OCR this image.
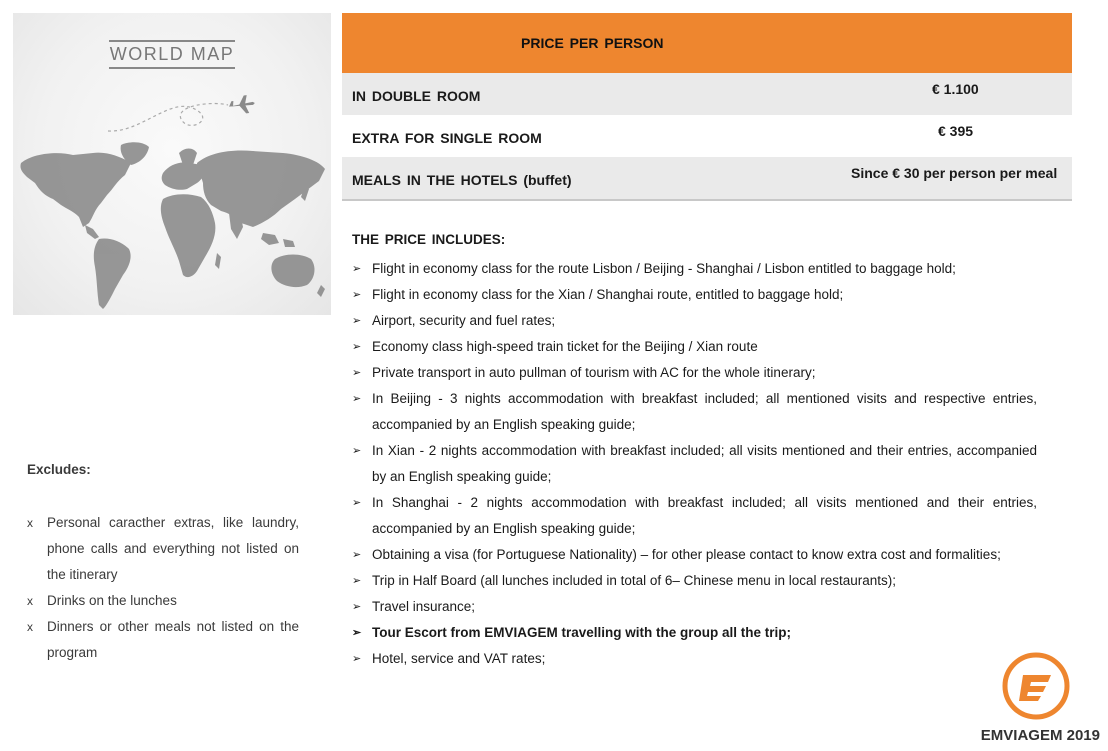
WORLD MAP
PRICE PER PERSON
IN DOUBLE ROOM	€ 1.100
EXTRA FOR SINGLE ROOM	€ 395
MEALS IN THE HOTELS (buffet)	Since € 30 per person per meal
THE PRICE INCLUDES:
➢ Flight in economy class for the route Lisbon / Beijing - Shanghai / Lisbon entitled to baggage hold;
➢ Flight in economy class for the Xian / Shanghai route, entitled to baggage hold;
➢ Airport, security and fuel rates;
➢ Economy class high-speed train ticket for the Beijing / Xian route
➢ Private transport in auto pullman of tourism with AC for the whole itinerary;
➢ In Beijing - 3 nights accommodation with breakfast included; all mentioned visits and respective entries, accompanied by an English speaking guide;
➢ In Xian - 2 nights accommodation with breakfast included; all visits mentioned and their entries, accompanied by an English speaking guide;
➢ In Shanghai - 2 nights accommodation with breakfast included; all visits mentioned and their entries, accompanied by an English speaking guide;
➢ Obtaining a visa (for Portuguese Nationality) – for other please contact to know extra cost and formalities;
➢ Trip in Half Board (all lunches included in total of 6– Chinese menu in local restaurants);
➢ Travel insurance;
➢ Tour Escort from EMVIAGEM travelling with the group all the trip;
➢ Hotel, service and VAT rates;
Excludes:
x Personal caracther extras, like laundry, phone calls and everything not listed on the itinerary
x Drinks on the lunches
x Dinners or other meals not listed on the program
EMVIAGEM 2019
